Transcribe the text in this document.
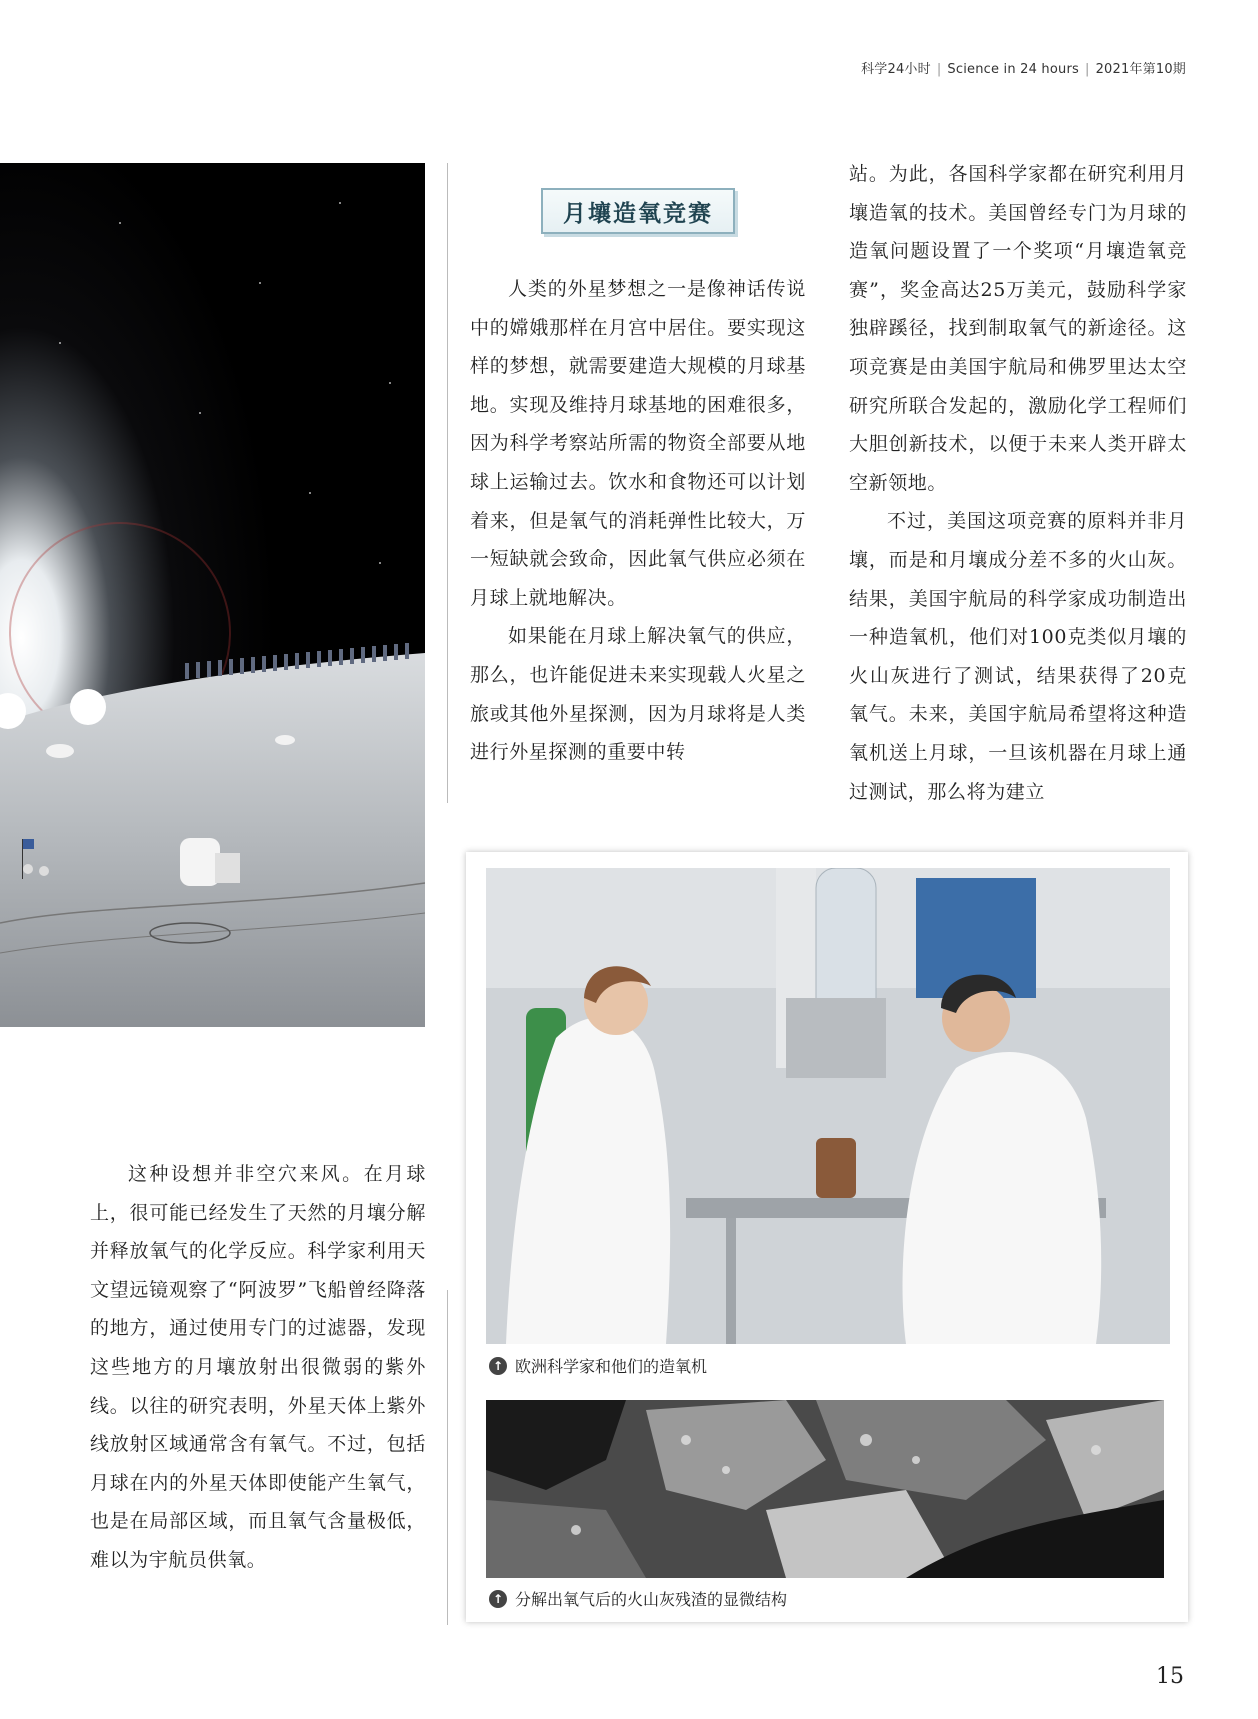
科学24小时 | Science in 24 hours | 2021年第10期
月壤造氧竞赛

人类的外星梦想之一是像神话传说中的嫦娥那样在月宫中居住。要实现这样的梦想，就需要建造大规模的月球基地。实现及维持月球基地的困难很多，因为科学考察站所需的物资全部要从地球上运输过去。饮水和食物还可以计划着来，但是氧气的消耗弹性比较大，万一短缺就会致命，因此氧气供应必须在月球上就地解决。

如果能在月球上解决氧气的供应，那么，也许能促进未来实现载人火星之旅或其他外星探测，因为月球将是人类进行外星探测的重要中转

站。为此，各国科学家都在研究利用月壤造氧的技术。美国曾经专门为月球的造氧问题设置了一个奖项“月壤造氧竞赛”，奖金高达25万美元，鼓励科学家独辟蹊径，找到制取氧气的新途径。这项竞赛是由美国宇航局和佛罗里达太空研究所联合发起的，激励化学工程师们大胆创新技术，以便于未来人类开辟太空新领地。

不过，美国这项竞赛的原料并非月壤，而是和月壤成分差不多的火山灰。结果，美国宇航局的科学家成功制造出一种造氧机，他们对100克类似月壤的火山灰进行了测试，结果获得了20克氧气。未来，美国宇航局希望将这种造氧机送上月球，一旦该机器在月球上通过测试，那么将为建立

这种设想并非空穴来风。在月球上，很可能已经发生了天然的月壤分解并释放氧气的化学反应。科学家利用天文望远镜观察了“阿波罗”飞船曾经降落的地方，通过使用专门的过滤器，发现这些地方的月壤放射出很微弱的紫外线。以往的研究表明，外星天体上紫外线放射区域通常含有氧气。不过，包括月球在内的外星天体即使能产生氧气，也是在局部区域，而且氧气含量极低，难以为宇航员供氧。

↑ 欧洲科学家和他们的造氧机
↑ 分解出氧气后的火山灰残渣的显微结构
15
